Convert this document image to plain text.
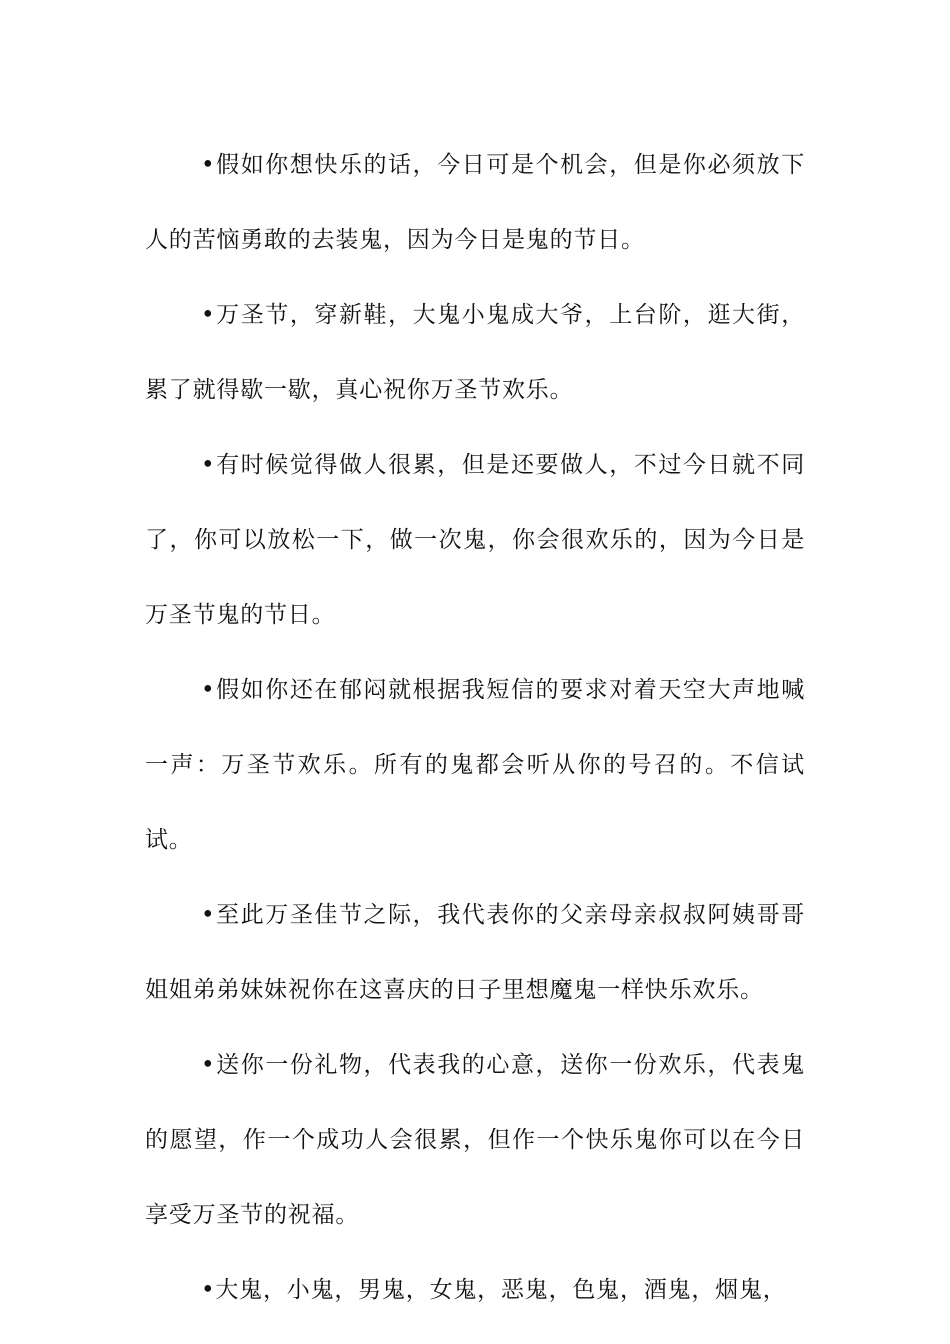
•假如你想快乐的话，今日可是个机会，但是你必须放下人的苦恼勇敢的去装鬼，因为今日是鬼的节日。

•万圣节，穿新鞋，大鬼小鬼成大爷，上台阶，逛大街，累了就得歇一歇，真心祝你万圣节欢乐。

•有时候觉得做人很累，但是还要做人，不过今日就不同了，你可以放松一下，做一次鬼，你会很欢乐的，因为今日是万圣节鬼的节日。

•假如你还在郁闷就根据我短信的要求对着天空大声地喊一声：万圣节欢乐。所有的鬼都会听从你的号召的。不信试试。

•至此万圣佳节之际，我代表你的父亲母亲叔叔阿姨哥哥姐姐弟弟妹妹祝你在这喜庆的日子里想魔鬼一样快乐欢乐。

•送你一份礼物，代表我的心意，送你一份欢乐，代表鬼的愿望，作一个成功人会很累，但作一个快乐鬼你可以在今日享受万圣节的祝福。

•大鬼，小鬼，男鬼，女鬼，恶鬼，色鬼，酒鬼，烟鬼，
